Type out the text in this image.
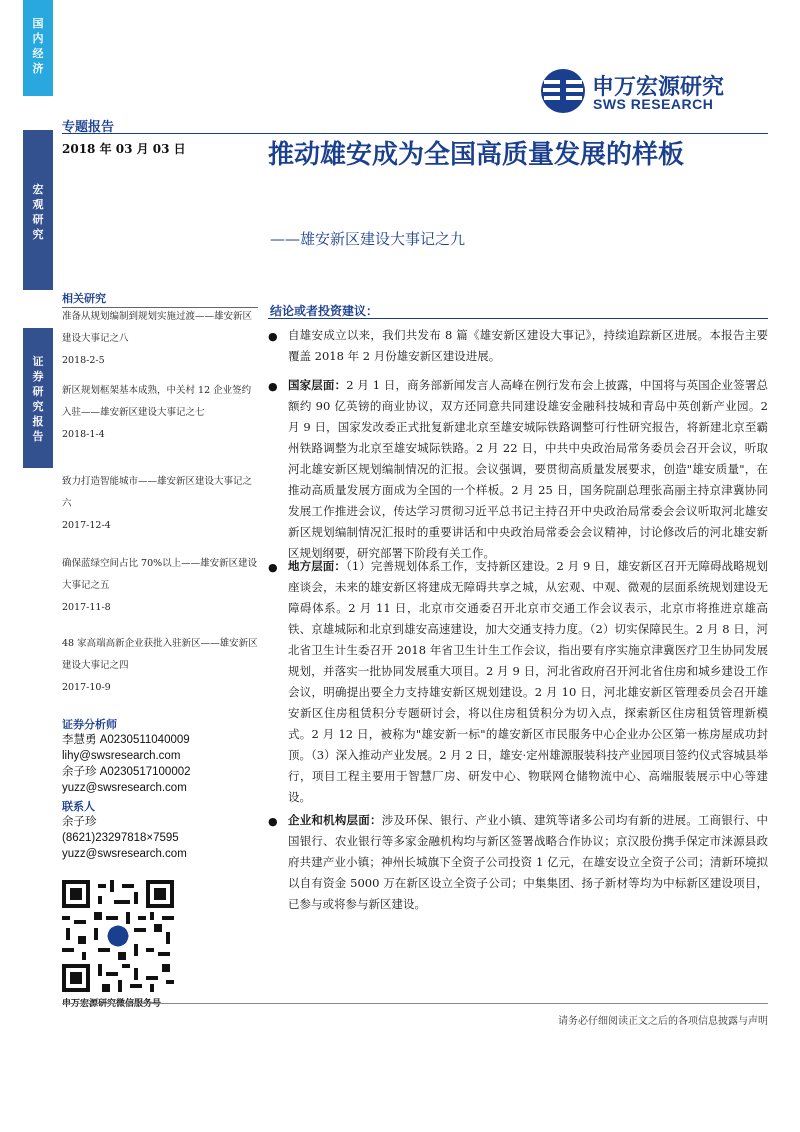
国
内
经
济
宏
观
研
究
证
券
研
究
报
告
申万宏源研究
SWS RESEARCH
专题报告
2018 年 03 月 03 日	推动雄安成为全国高质量发展的样板
——雄安新区建设大事记之九
相关研究
准备从规划编制到规划实施过渡——雄安新区建设大事记之八
2018-2-5
新区规划框架基本成熟，中关村 12 企业签约入驻——雄安新区建设大事记之七
2018-1-4
致力打造智能城市——雄安新区建设大事记之六
2017-12-4
确保蓝绿空间占比 70%以上——雄安新区建设大事记之五
2017-11-8
48 家高端高新企业获批入驻新区——雄安新区建设大事记之四
2017-10-9
证券分析师
李慧勇 A0230511040009
lihy@swsresearch.com
余子珍 A0230517100002
yuzz@swsresearch.com
联系人
余子珍
(8621)23297818×7595
yuzz@swsresearch.com
申万宏源研究微信服务号
结论或者投资建议：
● 自雄安成立以来，我们共发布 8 篇《雄安新区建设大事记》，持续追踪新区进展。本报告主要覆盖 2018 年 2 月份雄安新区建设进展。
● 国家层面：2 月 1 日，商务部新闻发言人高峰在例行发布会上披露，中国将与英国企业签署总额约 90 亿英镑的商业协议，双方还同意共同建设雄安金融科技城和青岛中英创新产业园。2 月 9 日，国家发改委正式批复新建北京至雄安城际铁路调整可行性研究报告，将新建北京至霸州铁路调整为北京至雄安城际铁路。2 月 22 日，中共中央政治局常务委员会召开会议，听取河北雄安新区规划编制情况的汇报。会议强调，要贯彻高质量发展要求，创造"雄安质量"，在推动高质量发展方面成为全国的一个样板。2 月 25 日，国务院副总理张高丽主持京津冀协同发展工作推进会议，传达学习贯彻习近平总书记主持召开中央政治局常委会会议听取河北雄安新区规划编制情况汇报时的重要讲话和中央政治局常委会会议精神，讨论修改后的河北雄安新区规划纲要，研究部署下阶段有关工作。
● 地方层面：（1）完善规划体系工作，支持新区建设。2 月 9 日，雄安新区召开无障碍战略规划座谈会，未来的雄安新区将建成无障碍共享之城，从宏观、中观、微观的层面系统规划建设无障碍体系。2 月 11 日，北京市交通委召开北京市交通工作会议表示，北京市将推进京雄高铁、京雄城际和北京到雄安高速建设，加大交通支持力度。（2）切实保障民生。2 月 8 日，河北省卫生计生委召开 2018 年省卫生计生工作会议，指出要有序实施京津冀医疗卫生协同发展规划，并落实一批协同发展重大项目。2 月 9 日，河北省政府召开河北省住房和城乡建设工作会议，明确提出要全力支持雄安新区规划建设。2 月 10 日，河北雄安新区管理委员会召开雄安新区住房租赁积分专题研讨会，将以住房租赁积分为切入点，探索新区住房租赁管理新模式。2 月 12 日，被称为"雄安新一标"的雄安新区市民服务中心企业办公区第一栋房屋成功封顶。（3）深入推动产业发展。2 月 2 日，雄安·定州雄源服装科技产业园项目签约仪式容城县举行，项目工程主要用于智慧厂房、研发中心、物联网仓储物流中心、高端服装展示中心等建设。
● 企业和机构层面：涉及环保、银行、产业小镇、建筑等诸多公司均有新的进展。工商银行、中国银行、农业银行等多家金融机构均与新区签署战略合作协议；京汉股份携手保定市涞源县政府共建产业小镇；神州长城旗下全资子公司投资 1 亿元，在雄安设立全资子公司；清新环境拟以自有资金 5000 万在新区设立全资子公司；中集集团、扬子新材等均为中标新区建设项目，已参与或将参与新区建设。
请务必仔细阅读正文之后的各项信息披露与声明
